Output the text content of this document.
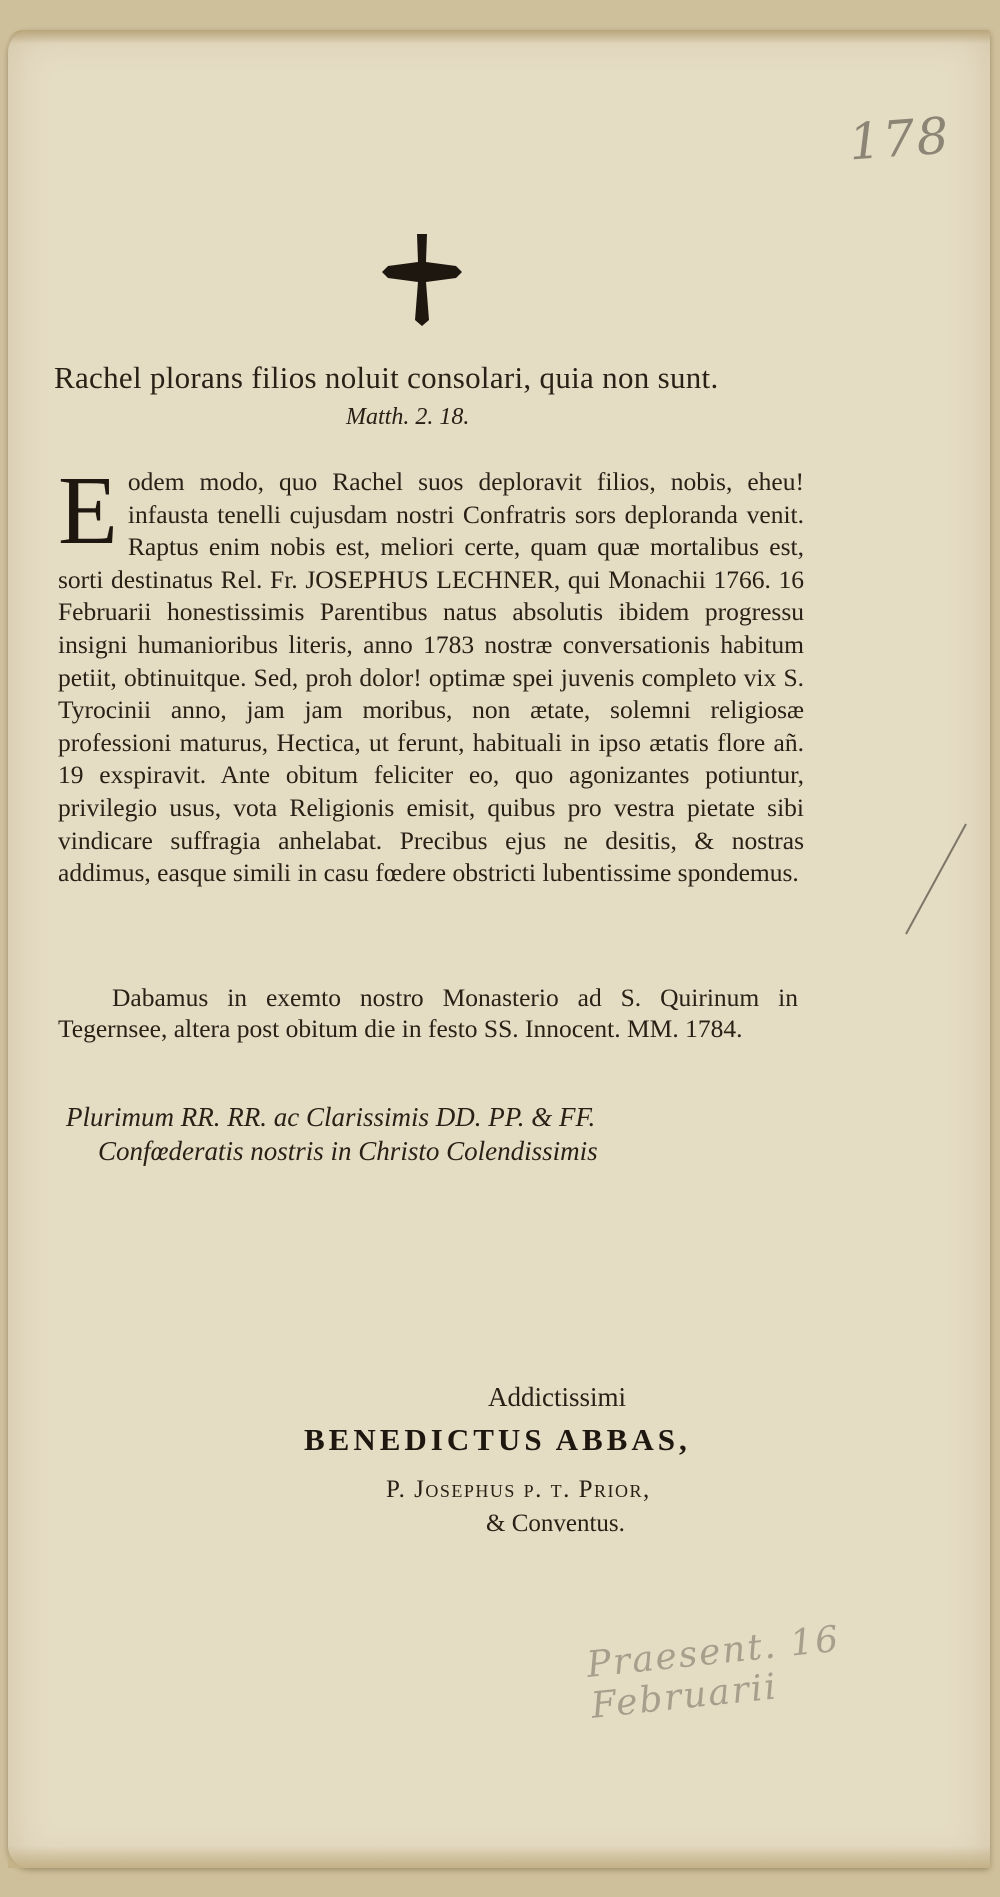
178
Rachel plorans filios noluit consolari, quia non sunt.
Matth. 2. 18.
E odem modo, quo Rachel suos deploravit filios, nobis, eheu! infausta tenelli cujusdam nostri Confratris sors deploranda venit. Raptus enim nobis est, meliori certe, quam quæ mortalibus est, sorti destinatus Rel. Fr. JOSEPHUS LECHNER, qui Monachii 1766. 16 Februarii honestissimis Parentibus natus absolutis ibidem progressu insigni humanioribus literis, anno 1783 nostræ conversationis habitum petiit, obtinuitque. Sed, proh dolor! optimæ spei juvenis completo vix S. Tyrocinii anno, jam jam moribus, non ætate, solemni religiosæ professioni maturus, Hectica, ut ferunt, habituali in ipso ætatis flore añ. 19 exspiravit. Ante obitum feliciter eo, quo agonizantes potiuntur, privilegio usus, vota Religionis emisit, quibus pro vestra pietate sibi vindicare suffragia anhelabat. Precibus ejus ne desitis, & nostras addimus, easque simili in casu fœdere obstricti lubentissime spondemus.
Dabamus in exemto nostro Monasterio ad S. Quirinum in Tegernsee, altera post obitum die in festo SS. Innocent. MM. 1784.
Plurimum RR. RR. ac Clarissimis DD. PP. & FF.
Confœderatis nostris in Christo Colendissimis
Addictissimi
BENEDICTUS ABBAS,
P. Josephus p. t. Prior,
& Conventus.
Praesent. 16 Februarii
